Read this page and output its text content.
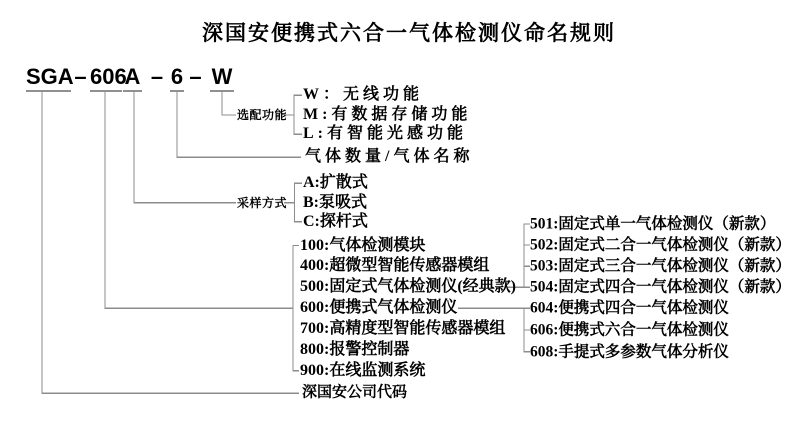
深国安便携式六合一气体检测仪命名规则
SGA – 606
A – 6 – W
选配功能
采样方式
W：无线功能
M:有数据存储功能
L:有智能光感功能
气体数量/气体名称
A:扩散式
B:泵吸式
C:探杆式
100:气体检测模块
400:超微型智能传感器模组
500:固定式气体检测仪(经典款)
600:便携式气体检测仪
700:高精度型智能传感器模组
800:报警控制器
900:在线监测系统
深国安公司代码
501:固定式单一气体检测仪（新款）
502:固定式二合一气体检测仪（新款）
503:固定式三合一气体检测仪（新款）
504:固定式四合一气体检测仪（新款）
604:便携式四合一气体检测仪
606:便携式六合一气体检测仪
608:手提式多参数气体分析仪
